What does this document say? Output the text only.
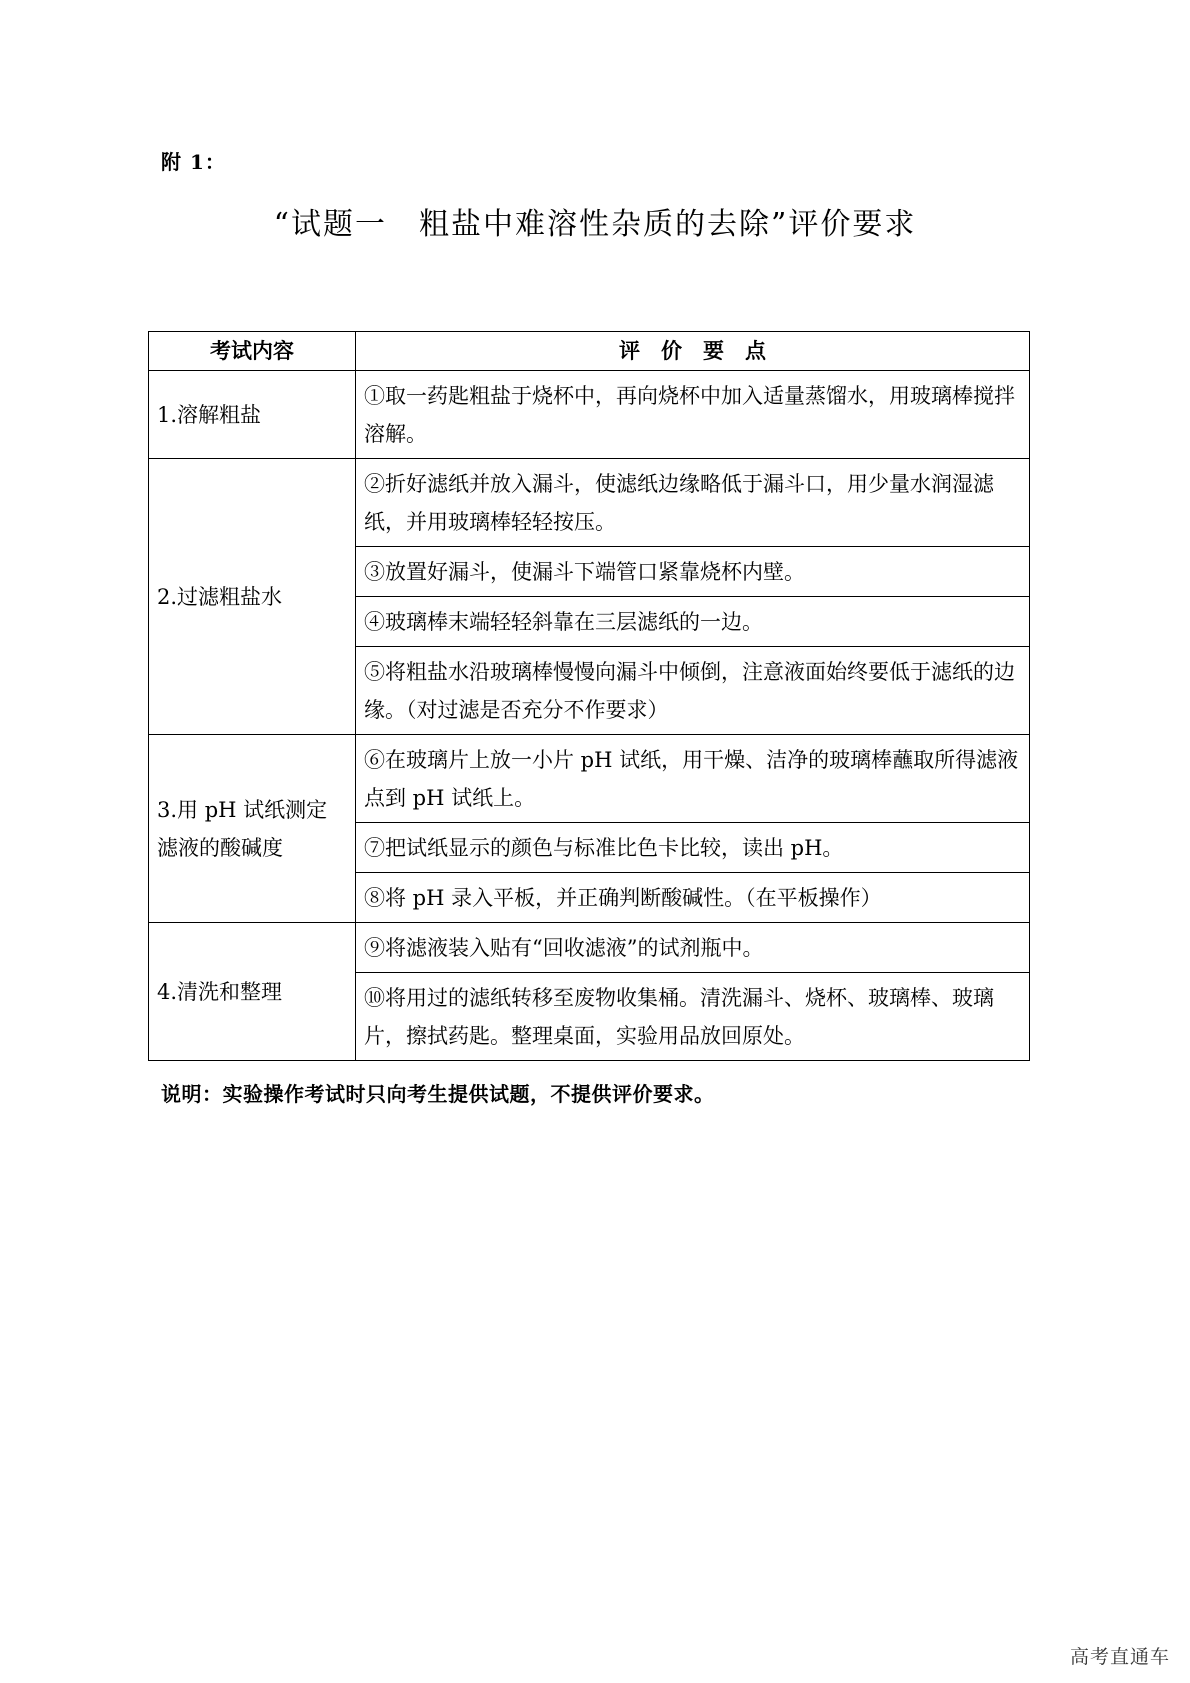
附 1：
“试题一　粗盐中难溶性杂质的去除”评价要求
考试内容	评　价　要　点
1.溶解粗盐	①取一药匙粗盐于烧杯中，再向烧杯中加入适量蒸馏水，用玻璃棒搅拌溶解。
2.过滤粗盐水	②折好滤纸并放入漏斗，使滤纸边缘略低于漏斗口，用少量水润湿滤纸，并用玻璃棒轻轻按压。
	③放置好漏斗，使漏斗下端管口紧靠烧杯内壁。
	④玻璃棒末端轻轻斜靠在三层滤纸的一边。
	⑤将粗盐水沿玻璃棒慢慢向漏斗中倾倒，注意液面始终要低于滤纸的边缘。（对过滤是否充分不作要求）
3.用 pH 试纸测定滤液的酸碱度	⑥在玻璃片上放一小片 pH 试纸，用干燥、洁净的玻璃棒蘸取所得滤液点到 pH 试纸上。
	⑦把试纸显示的颜色与标准比色卡比较，读出 pH。
	⑧将 pH 录入平板，并正确判断酸碱性。（在平板操作）
4.清洗和整理	⑨将滤液装入贴有“回收滤液”的试剂瓶中。
	⑩将用过的滤纸转移至废物收集桶。清洗漏斗、烧杯、玻璃棒、玻璃片，擦拭药匙。整理桌面，实验用品放回原处。
说明：实验操作考试时只向考生提供试题，不提供评价要求。
高考直通车
